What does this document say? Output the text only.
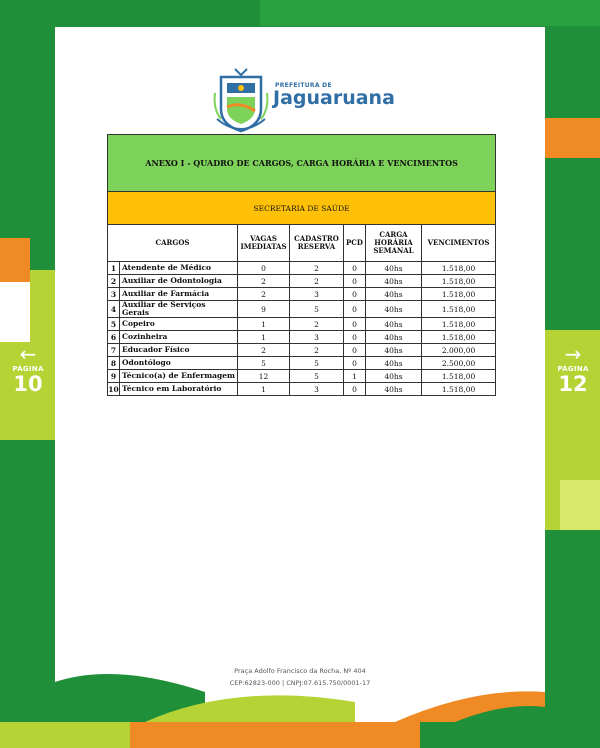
←
PÁGINA
10
→
PÁGINA
12
PREFEITURA DE
Jaguaruana
ANEXO I - QUADRO DE CARGOS, CARGA HORÁRIA E VENCIMENTOS						
SECRETARIA DE SAÚDE						
CARGOS		VAGAS IMEDIATAS	CADASTRO RESERVA	PCD	CARGA HORÁRIA SEMANAL	VENCIMENTOS
1	Atendente de Médico	0	2	0	40hs	1.518,00
2	Auxiliar de Odontologia	2	2	0	40hs	1.518,00
3	Auxiliar de Farmácia	2	3	0	40hs	1.518,00
4	Auxiliar de Serviços Gerais	9	5	0	40hs	1.518,00
5	Copeiro	1	2	0	40hs	1.518,00
6	Cozinheira	1	3	0	40hs	1.518,00
7	Educador Físico	2	2	0	40hs	2.000,00
8	Odontólogo	5	5	0	40hs	2.500,00
9	Técnico(a) de Enfermagem	12	5	1	40hs	1.518,00
10	Técnico em Laboratório	1	3	0	40hs	1.518,00
Praça Adolfo Francisco da Rocha, Nº 404
CEP:62823-000 | CNPJ:07.615.750/0001-17
